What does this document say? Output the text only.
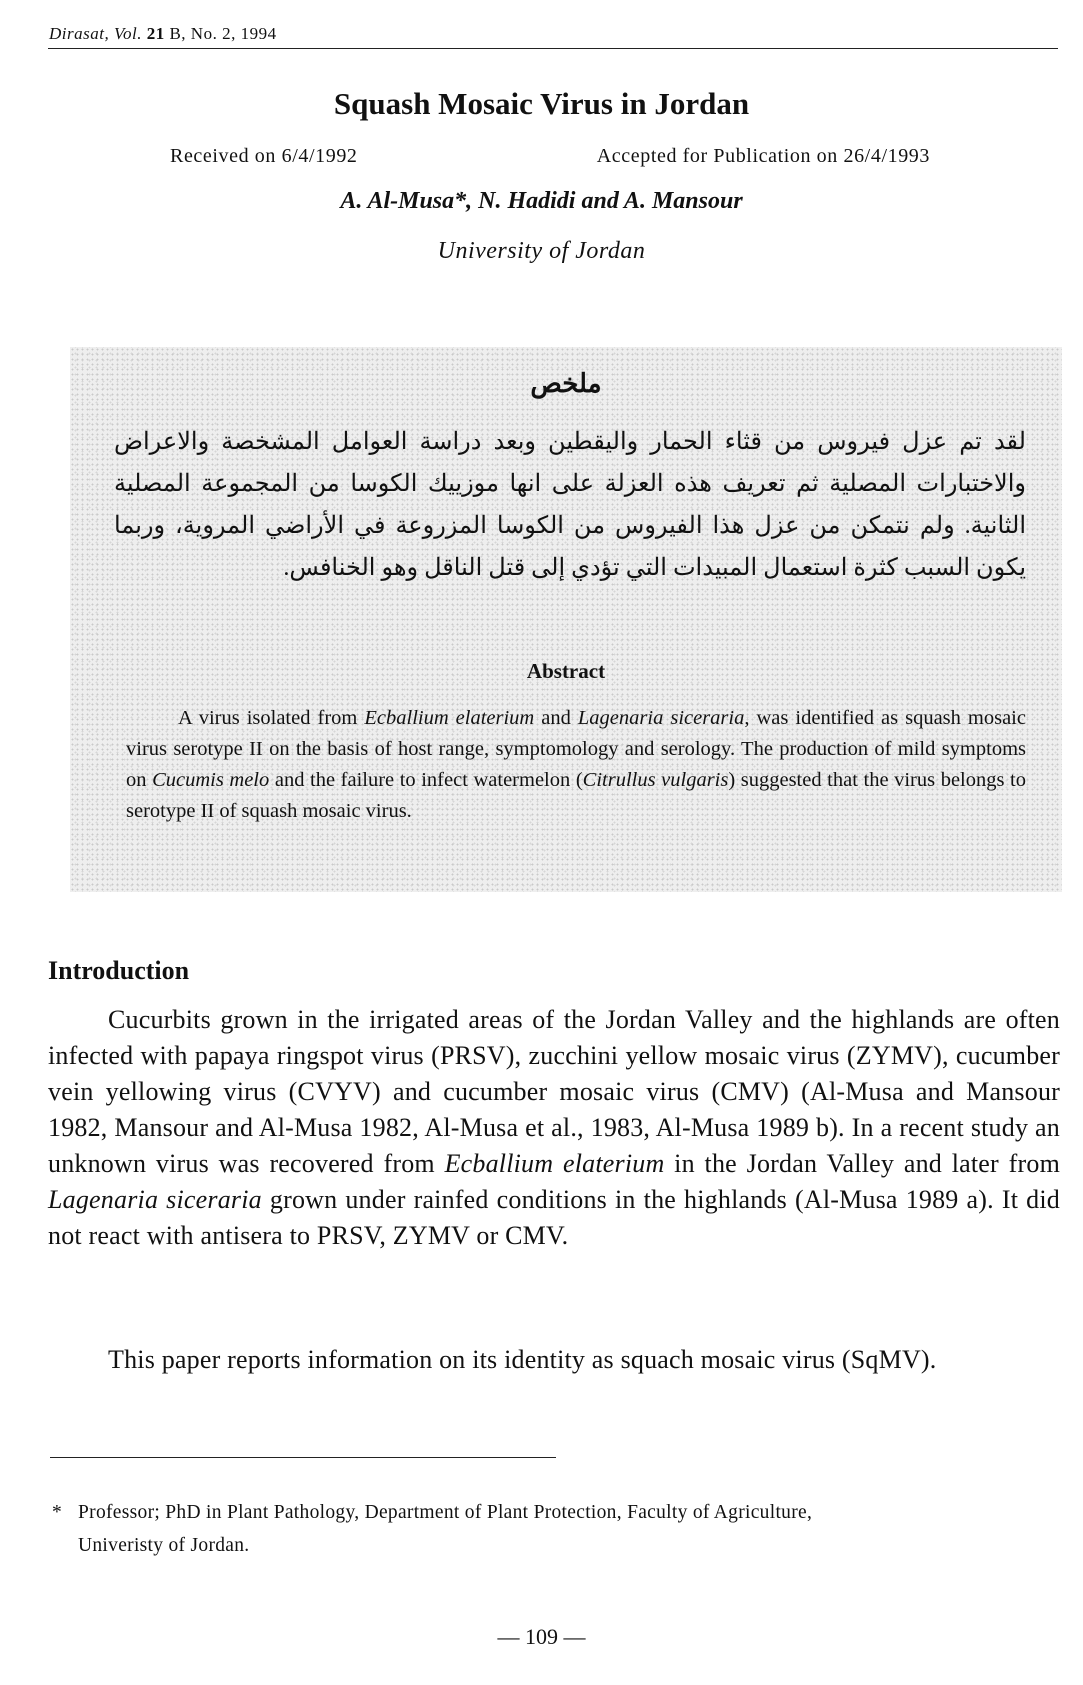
Dirasat, Vol. 21 B, No. 2, 1994
Squash Mosaic Virus in Jordan
Received on 6/4/1992	Accepted for Publication on 26/4/1993
A. Al-Musa*, N. Hadidi and A. Mansour
University of Jordan
ملخص
لقد تم عزل فيروس من قثاء الحمار واليقطين وبعد دراسة العوامل المشخصة والاعراض والاختبارات المصلية ثم تعريف هذه العزلة على انها موزييك الكوسا من المجموعة المصلية الثانية. ولم نتمكن من عزل هذا الفيروس من الكوسا المزروعة في الأراضي المروية، وربما يكون السبب كثرة استعمال المبيدات التي تؤدي إلى قتل الناقل وهو الخنافس.
Abstract
A virus isolated from Ecballium elaterium and Lagenaria siceraria, was identified as squash mosaic virus serotype II on the basis of host range, symptomology and serology. The production of mild symptoms on Cucumis melo and the failure to infect watermelon (Citrullus vulgaris) suggested that the virus belongs to serotype II of squash mosaic virus.
Introduction
Cucurbits grown in the irrigated areas of the Jordan Valley and the highlands are often infected with papaya ringspot virus (PRSV), zucchini yellow mosaic virus (ZYMV), cucumber vein yellowing virus (CVYV) and cucumber mosaic virus (CMV) (Al-Musa and Mansour 1982, Mansour and Al-Musa 1982, Al-Musa et al., 1983, Al-Musa 1989 b). In a recent study an unknown virus was recovered from Ecballium elaterium in the Jordan Valley and later from Lagenaria siceraria grown under rainfed conditions in the highlands (Al-Musa 1989 a). It did not react with antisera to PRSV, ZYMV or CMV.
This paper reports information on its identity as squach mosaic virus (SqMV).
* Professor; PhD in Plant Pathology, Department of Plant Protection, Faculty of Agriculture,
Univeristy of Jordan.
— 109 —
